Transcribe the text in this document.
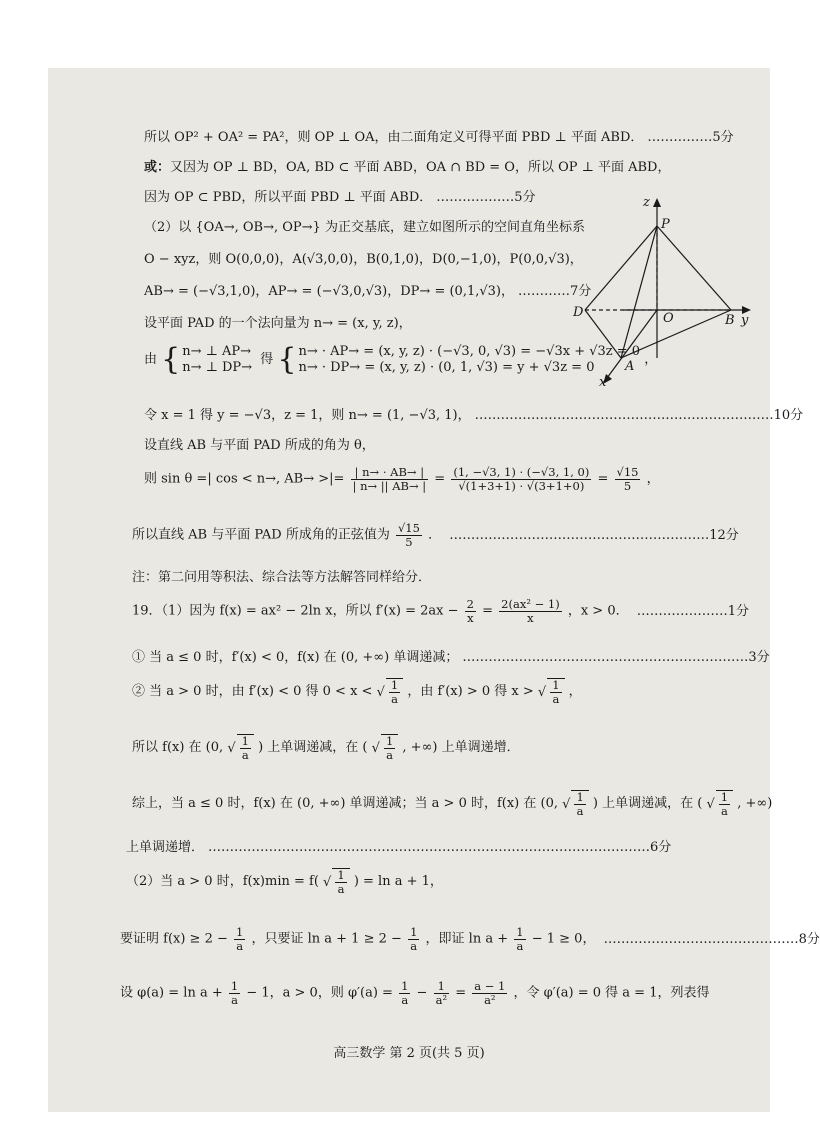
所以 OP² + OA² = PA²，则 OP ⊥ OA，由二面角定义可得平面 PBD ⊥ 平面 ABD． ……………5分
或：又因为 OP ⊥ BD，OA, BD ⊂ 平面 ABD，OA ∩ BD = O，所以 OP ⊥ 平面 ABD，
因为 OP ⊂ PBD，所以平面 PBD ⊥ 平面 ABD． ………………5分
（2）以 {OA→, OB→, OP→} 为正交基底，建立如图所示的空间直角坐标系
O − xyz，则 O(0,0,0)，A(√3,0,0)，B(0,1,0)，D(0,−1,0)，P(0,0,√3)，
AB→ = (−√3,1,0)，AP→ = (−√3,0,√3)，DP→ = (0,1,√3)， …………7分
设平面 PAD 的一个法向量为 n→ = (x, y, z)，
由 { n→ ⊥ AP→
n→ ⊥ DP→
得 { n→ · AP→ = (x, y, z) · (−√3, 0, √3) = −√3x + √3z = 0
n→ · DP→ = (x, y, z) · (0, 1, √3) = y + √3z = 0
，
令 x = 1 得 y = −√3，z = 1，则 n→ = (1, −√3, 1)， ……………………………………………………………10分
设直线 AB 与平面 PAD 所成的角为 θ，
则 sin θ =| cos < n→, AB→ >|= $\frac{| n\to \cdot AB\to |}{| n\to || AB\to |} = \frac{(1, -√3, 1) \cdot (-√3, 1, 0)}{√(1+3+1) \cdot √(3+1+0)} = \frac{√15}{5}$ ，
所以直线 AB 与平面 PAD 所成角的正弦值为 $\frac{√15}{5}$ ． ……………………………………………………12分
注：第二问用等积法、综合法等方法解答同样给分．
19．（1）因为 f(x) = ax² − 2ln x，所以 $f'(x) = 2ax - \frac{2}{x} = \frac{\text{2(ax² − 1)}}{x}$ ，x > 0． …………………1分
① 当 a ≤ 0 时，f′(x) < 0，f(x) 在 (0, +∞) 单调递减； …………………………………………………………3分
② 当 a > 0 时，由 f′(x) < 0 得 0 < x < √ $\frac{1}{a}$ ，由 f′(x) > 0 得 x > √ $\frac{1}{a}$ ，
所以 f(x) 在 (0, √ $\frac{1}{a}$ ) 上单调递减，在 ( √ $\frac{1}{a}$ , +∞) 上单调递增．
综上，当 a ≤ 0 时，f(x) 在 (0, +∞) 单调递减；当 a > 0 时，f(x) 在 (0, √ $\frac{1}{a}$ ) 上单调递减，在 ( √ $\frac{1}{a}$ , +∞)
上单调递增． …………………………………………………………………………………………6分
（2）当 a > 0 时，f(x)min = f( √ $\frac{1}{a}$ ) = ln a + 1，
要证明 $f(x) \ge 2 - \frac{1}{a}$ ，只要证 $\ln a + 1 \ge 2 - \frac{1}{a}$ ，即证 $\ln a + \frac{1}{a} - 1 \ge 0$， ………………………………………8分
设 $\varphi(a) = \ln a + \frac{1}{a} - 1$，a > 0，则 $\varphi'(a) = \frac{1}{a} - \frac{1}{\text{a²}} = \frac{a - 1}{\text{a²}}$ ，令 φ′(a) = 0 得 a = 1，列表得
z
P
D	O	B y
A
x
高三数学 第 2 页(共 5 页)
